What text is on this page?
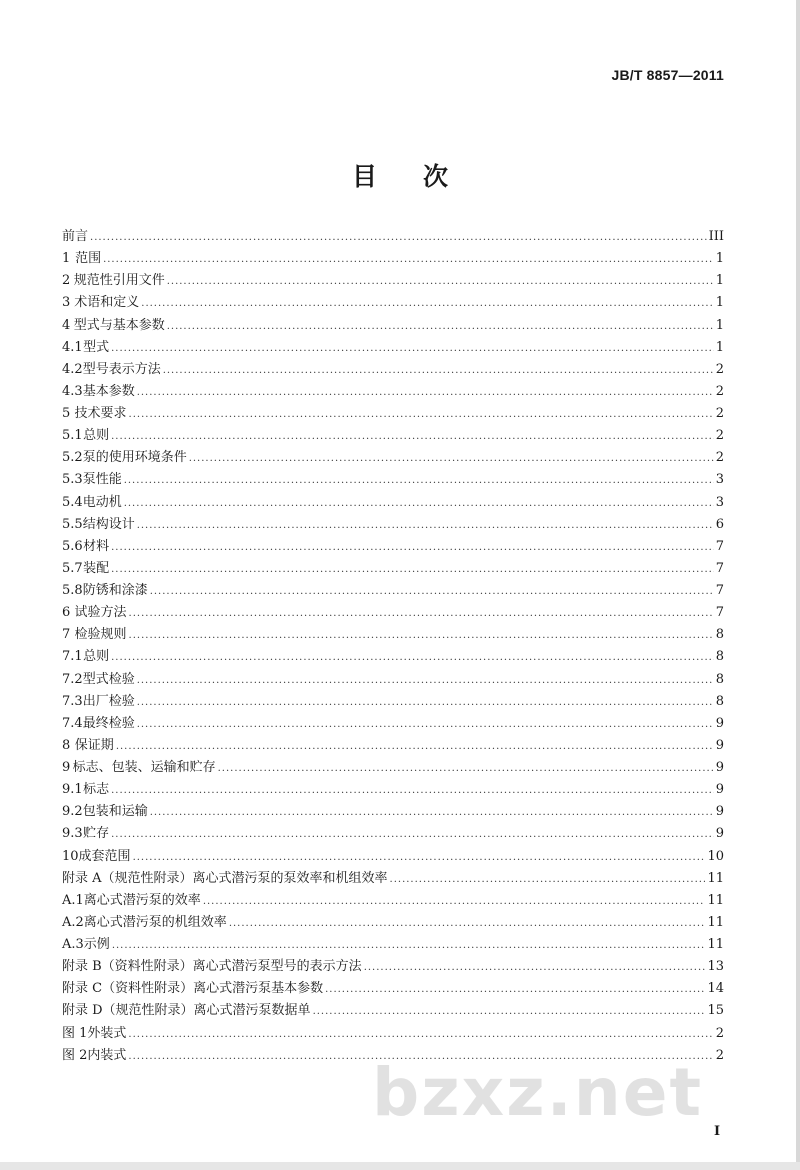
JB/T 8857—2011
目 次
前言 .....	III
1 范围 .....	1
2 规范性引用文件 .....	1
3 术语和定义 .....	1
4 型式与基本参数 .....	1
4.1 型式 .....	1
4.2 型号表示方法 .....	2
4.3 基本参数 .....	2
5 技术要求 .....	2
5.1 总则 .....	2
5.2 泵的使用环境条件 .....	2
5.3 泵性能 .....	3
5.4 电动机 .....	3
5.5 结构设计 .....	6
5.6 材料 .....	7
5.7 装配 .....	7
5.8 防锈和涂漆 .....	7
6 试验方法 .....	7
7 检验规则 .....	8
7.1 总则 .....	8
7.2 型式检验 .....	8
7.3 出厂检验 .....	8
7.4 最终检验 .....	9
8 保证期 .....	9
9 标志、包装、运输和贮存 .....	9
9.1 标志 .....	9
9.2 包装和运输 .....	9
9.3 贮存 .....	9
10 成套范围 .....	10
附录 A（规范性附录）离心式潜污泵的泵效率和机组效率 .....	11
A.1 离心式潜污泵的效率 .....	11
A.2 离心式潜污泵的机组效率 .....	11
A.3 示例 .....	11
附录 B（资料性附录）离心式潜污泵型号的表示方法 .....	13
附录 C（资料性附录）离心式潜污泵基本参数 .....	14
附录 D（规范性附录）离心式潜污泵数据单 .....	15
图 1 外装式 .....	2
图 2 内装式 .....	2
bzxz.net
I
